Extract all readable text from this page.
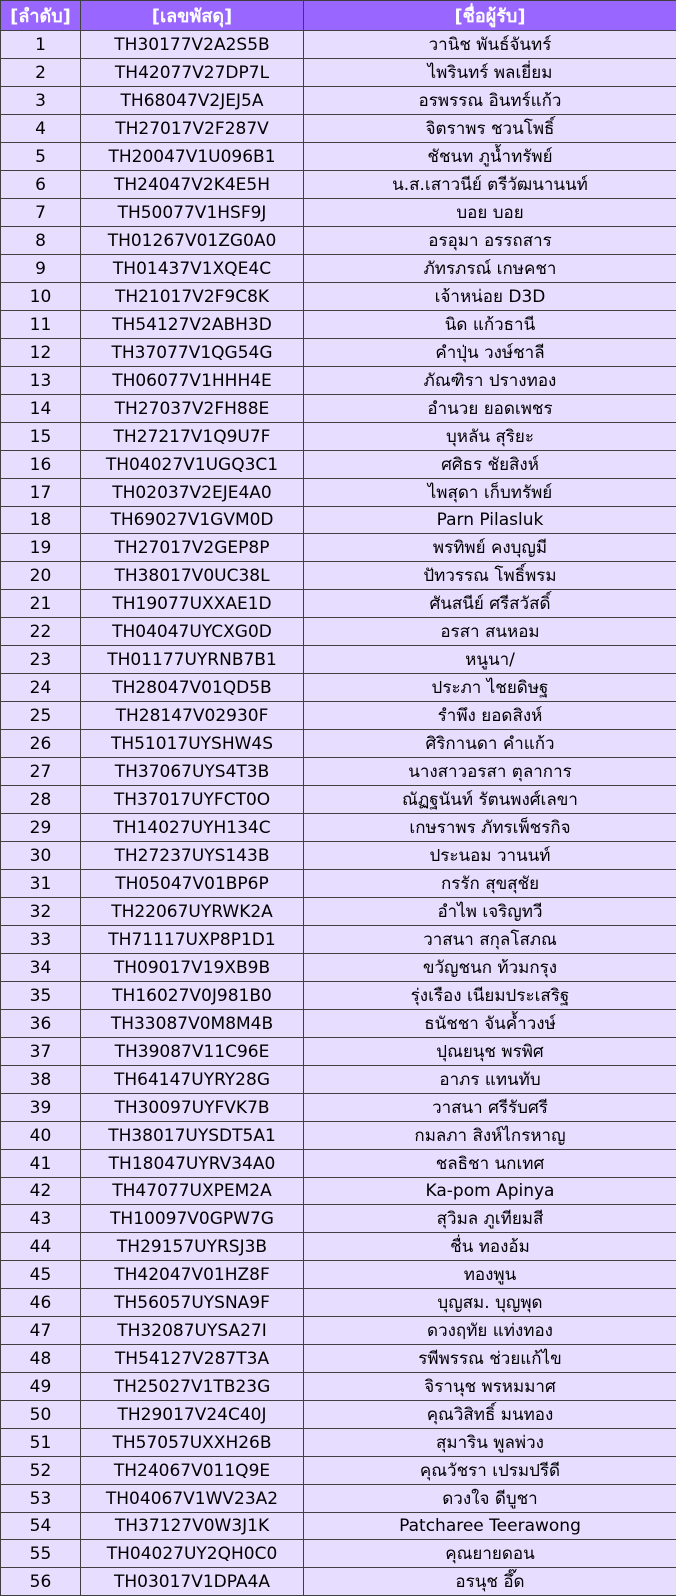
[ลำดับ]	[เลขพัสดุ]	[ชื่อผู้รับ]
1	TH30177V2A2S5B	วานิช พันธ์จันทร์
2	TH42077V27DP7L	ไพรินทร์ พลเยี่ยม
3	TH68047V2JEJ5A	อรพรรณ อินทร์แก้ว
4	TH27017V2F287V	จิตราพร ชวนโพธิ์
5	TH20047V1U096B1	ชัชนท ภูน้ำทรัพย์
6	TH24047V2K4E5H	น.ส.เสาวนีย์ ตรีวัฒนานนท์
7	TH50077V1HSF9J	บอย บอย
8	TH01267V01ZG0A0	อรอุมา อรรถสาร
9	TH01437V1XQE4C	ภัทรภรณ์ เกษคชา
10	TH21017V2F9C8K	เจ้าหน่อย D3D
11	TH54127V2ABH3D	นิด แก้วธานี
12	TH37077V1QG54G	คำปุ่น วงษ์ชาลี
13	TH06077V1HHH4E	ภัณฑิรา ปรางทอง
14	TH27037V2FH88E	อำนวย ยอดเพชร
15	TH27217V1Q9U7F	บุหลัน สุริยะ
16	TH04027V1UGQ3C1	ศศิธร ชัยสิงห์
17	TH02037V2EJE4A0	ไพสุดา เก็บทรัพย์
18	TH69027V1GVM0D	Parn Pilasluk
19	TH27017V2GEP8P	พรทิพย์ คงบุญมี
20	TH38017V0UC38L	ปัทวรรณ โพธิ์พรม
21	TH19077UXXAE1D	ศันสนีย์ ศรีสวัสดิ์
22	TH04047UYCXG0D	อรสา สนหอม
23	TH01177UYRNB7B1	หนูนา/
24	TH28047V01QD5B	ประภา ไชยดิษฐ
25	TH28147V02930F	รำพึง ยอดสิงห์
26	TH51017UYSHW4S	ศิริกานดา คำแก้ว
27	TH37067UYS4T3B	นางสาวอรสา ตุลาการ
28	TH37017UYFCT0O	ณัฏฐนันท์ รัตนพงศ์เลขา
29	TH14027UYH134C	เกษราพร ภัทรเพ็ชรกิจ
30	TH27237UYS143B	ประนอม วานนท์
31	TH05047V01BP6P	กรรัก สุขสุชัย
32	TH22067UYRWK2A	อำไพ เจริญทวี
33	TH71117UXP8P1D1	วาสนา สกุลโสภณ
34	TH09017V19XB9B	ขวัญชนก ท้วมกรุง
35	TH16027V0J981B0	รุ่งเรือง เนียมประเสริฐ
36	TH33087V0M8M4B	ธนัชชา จันค้ำวงษ์
37	TH39087V11C96E	ปุณยนุช พรพิศ
38	TH64147UYRY28G	อาภร แทนทับ
39	TH30097UYFVK7B	วาสนา ศรีรับศรี
40	TH38017UYSDT5A1	กมลภา สิงห์ไกรหาญ
41	TH18047UYRV34A0	ชลธิชา นกเทศ
42	TH47077UXPEM2A	Ka-pom Apinya
43	TH10097V0GPW7G	สุวิมล ภูเทียมสี
44	TH29157UYRSJ3B	ชื่น ทองอ้ม
45	TH42047V01HZ8F	ทองพูน
46	TH56057UYSNA9F	บุญสม. บุญพุด
47	TH32087UYSA27I	ดวงฤทัย แท่งทอง
48	TH54127V287T3A	รพีพรรณ ช่วยแก้ไข
49	TH25027V1TB23G	จิรานุช พรหมมาศ
50	TH29017V24C40J	คุณวิสิทธิ์ มนทอง
51	TH57057UXXH26B	สุมาริน พูลพ่วง
52	TH24067V011Q9E	คุณวัชรา เปรมปรีดี
53	TH04067V1WV23A2	ดวงใจ ดีบูชา
54	TH37127V0W3J1K	Patcharee Teerawong
55	TH04027UY2QH0C0	คุณยายดอน
56	TH03017V1DPA4A	อรนุช อึ๊ด
